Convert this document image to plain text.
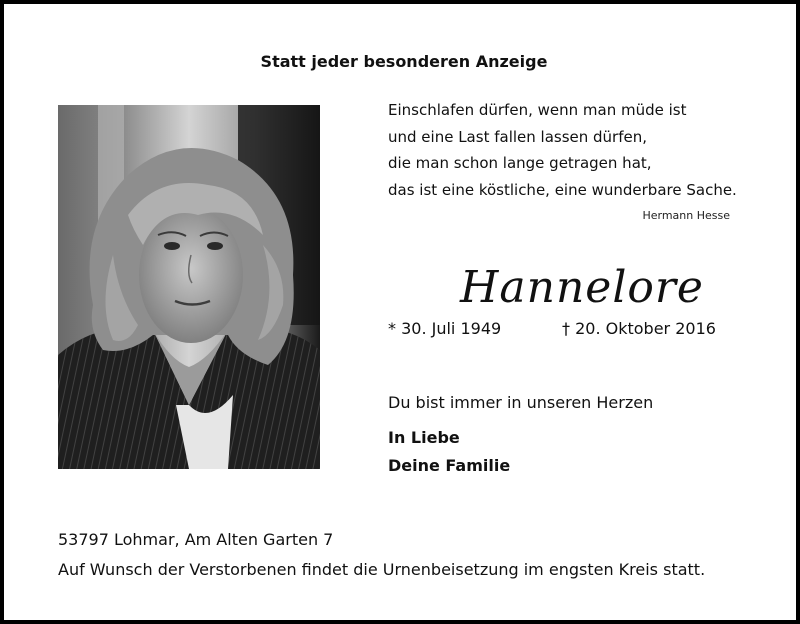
Statt jeder besonderen Anzeige
Einschlafen dürfen, wenn man müde ist
und eine Last fallen lassen dürfen,
die man schon lange getragen hat,
das ist eine köstliche, eine wunderbare Sache.
Hermann Hesse
Hannelore
* 30. Juli 1949	† 20. Oktober 2016
Du bist immer in unseren Herzen
In Liebe
Deine Familie
53797 Lohmar, Am Alten Garten 7
Auf Wunsch der Verstorbenen findet die Urnenbeisetzung im engsten Kreis statt.
